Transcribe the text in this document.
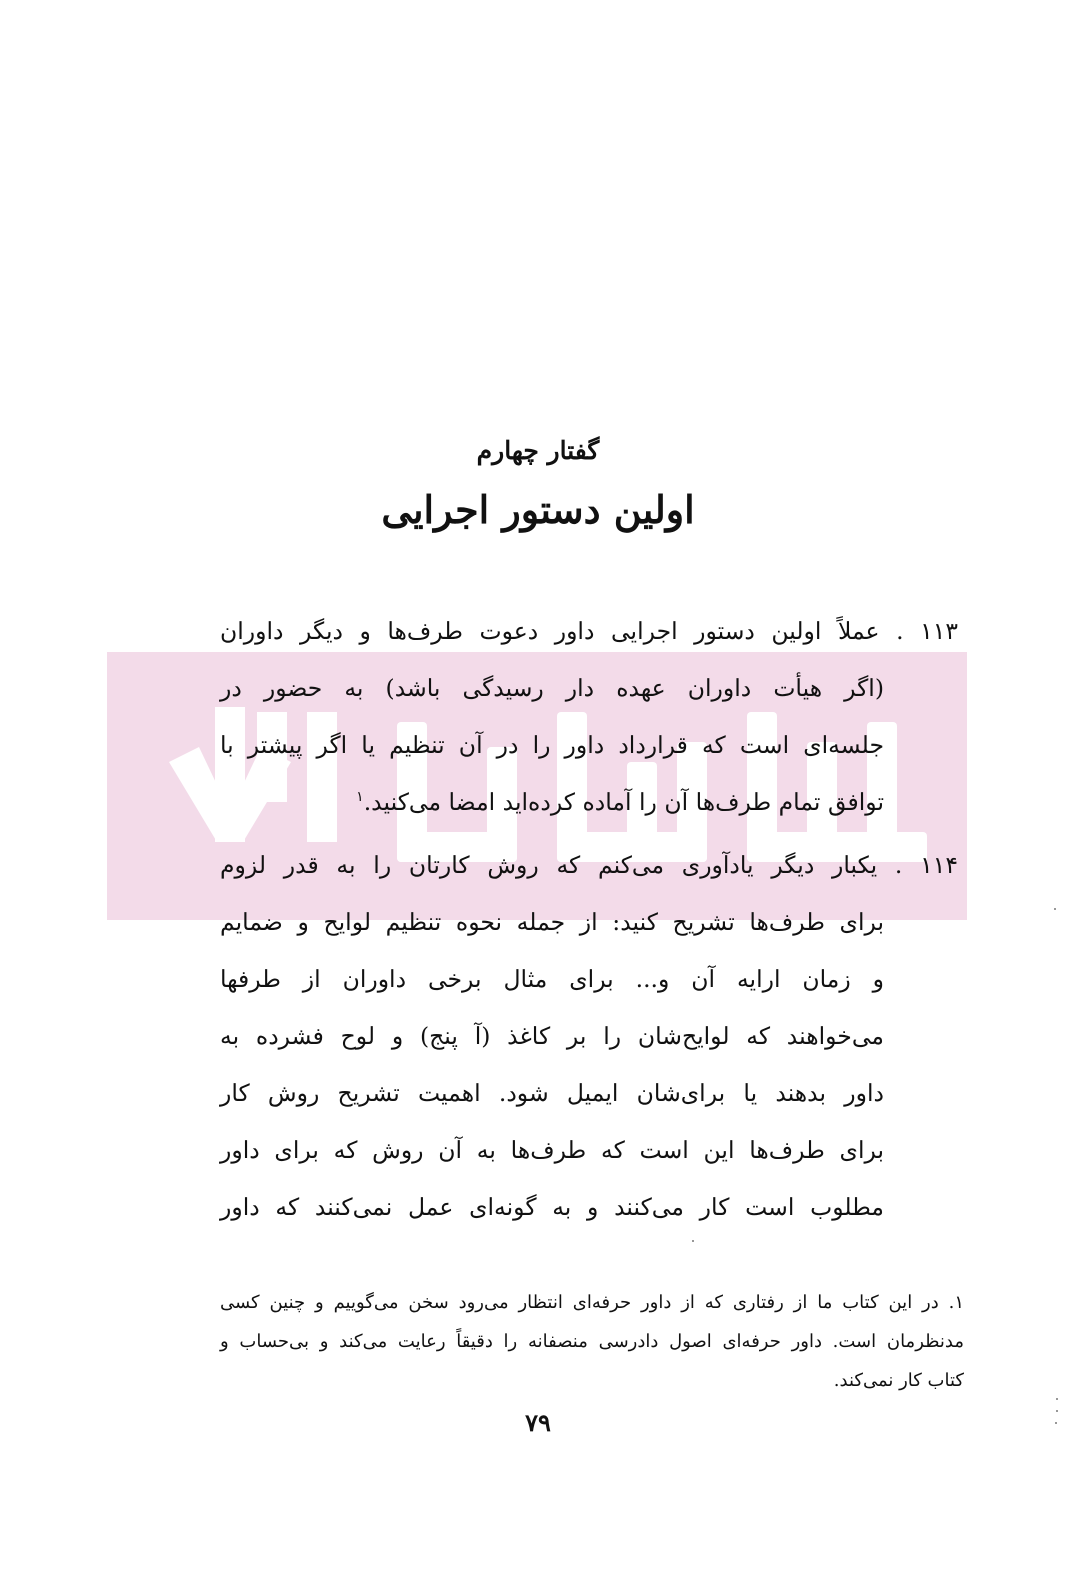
گفتار چهارم
اولین دستور اجرایی
۱۱۳ . عملاً اولین دستور اجرایی داور دعوت طرف‌ها و دیگر داوران
(اگر هیأت داوران عهده دار رسیدگی باشد) به حضور در
جلسه‌ای است که قرارداد داور را در آن تنظیم یا اگر پیشتر با
توافق تمام طرف‌ها آن را آماده کرده‌اید امضا می‌کنید.$^۱$
۱۱۴ . یکبار دیگر یادآوری می‌کنم که روش کارتان را به قدر لزوم
برای طرف‌ها تشریح کنید: از جمله نحوه تنظیم لوایح و ضمایم
و زمان ارایه آن و... برای مثال برخی داوران از طرفها
می‌خواهند که لوایح‌شان را بر کاغذ (آ پنج) و لوح فشرده به
داور بدهند یا برای‌شان ایمیل شود. اهمیت تشریح روش کار
برای طرف‌ها این است که طرف‌ها به آن روش که برای داور
مطلوب است کار می‌کنند و به گونه‌ای عمل نمی‌کنند که داور
۱. در این کتاب ما از رفتاری که از داور حرفه‌ای انتظار می‌رود سخن می‌گوییم و چنین کسی
مدنظرمان است. داور حرفه‌ای اصول دادرسی منصفانه را دقیقاً رعایت می‌کند و بی‌حساب و
کتاب کار نمی‌کند.
۷۹
